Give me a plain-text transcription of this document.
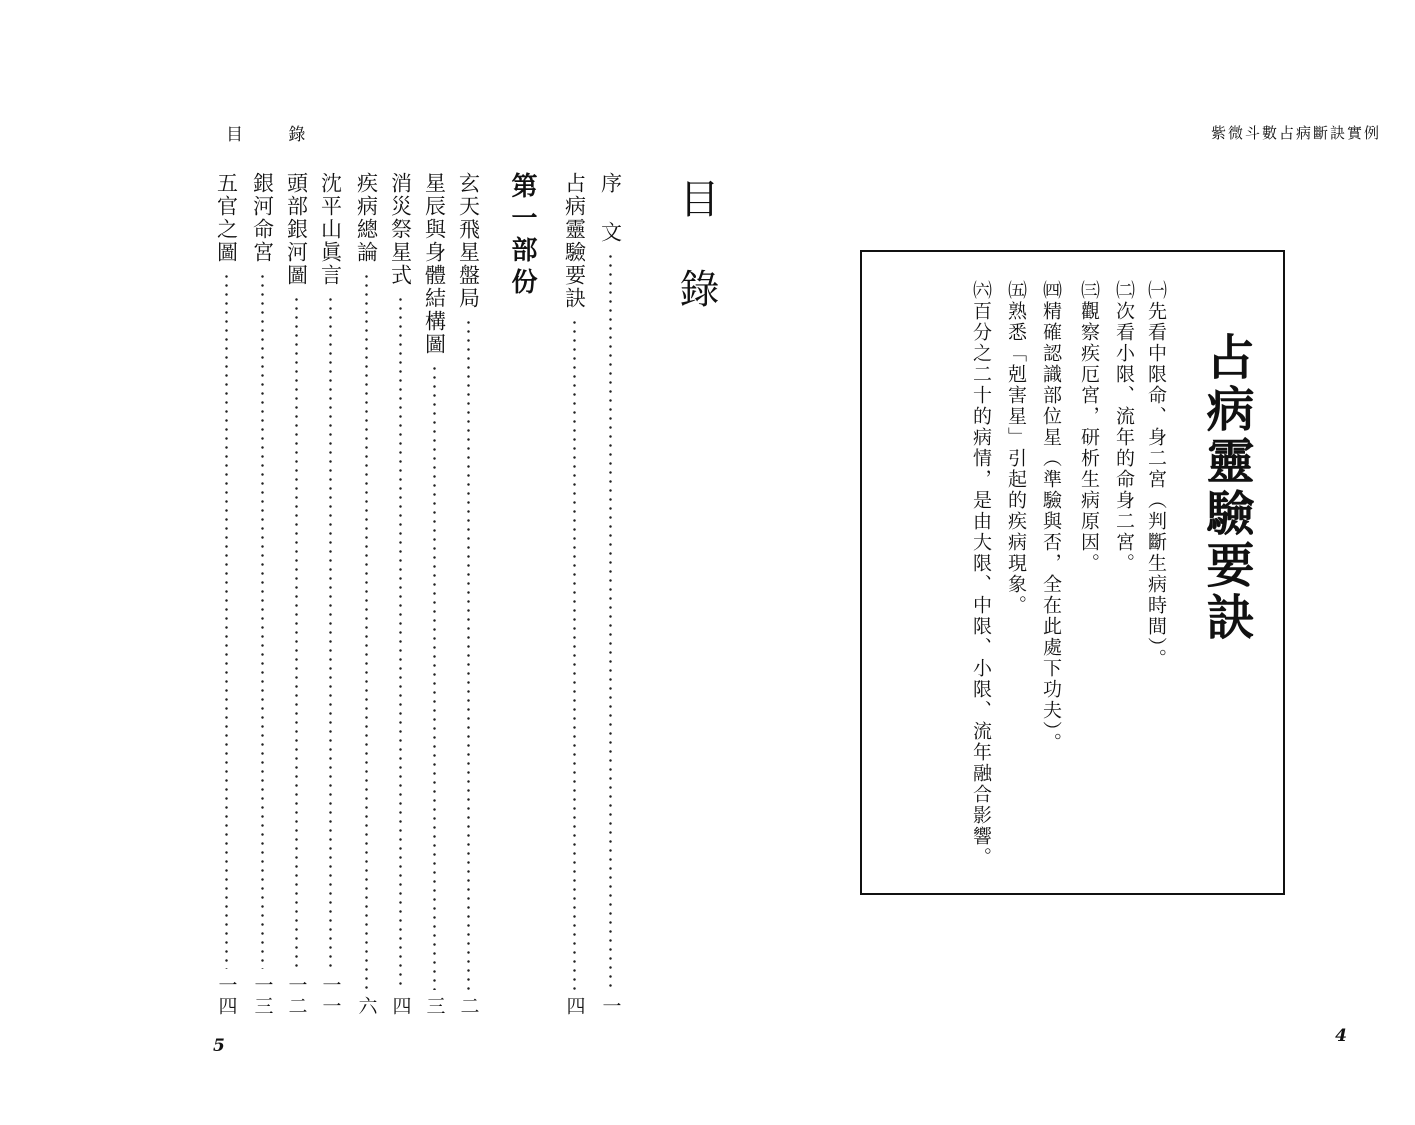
目 錄
目錄
序 文
一
占病靈驗要訣
四
第一部份
玄天飛星盤局
二
星辰與身體結構圖
三
消災祭星式
四
疾病總論
六
沈平山眞言
一一
頭部銀河圖
一二
銀河命宮
一三
五官之圖
一四
5
紫微斗數占病斷訣實例
占病靈驗要訣
㈠先看中限命、身二宮（判斷生病時間）。
㈡次看小限、流年的命身二宮。
㈢觀察疾厄宮，研析生病原因。
㈣精確認識部位星（準驗與否，全在此處下功夫）。
㈤熟悉「剋害星」引起的疾病現象。
㈥百分之二十的病情，是由大限、中限、小限、流年融合影響。
4
